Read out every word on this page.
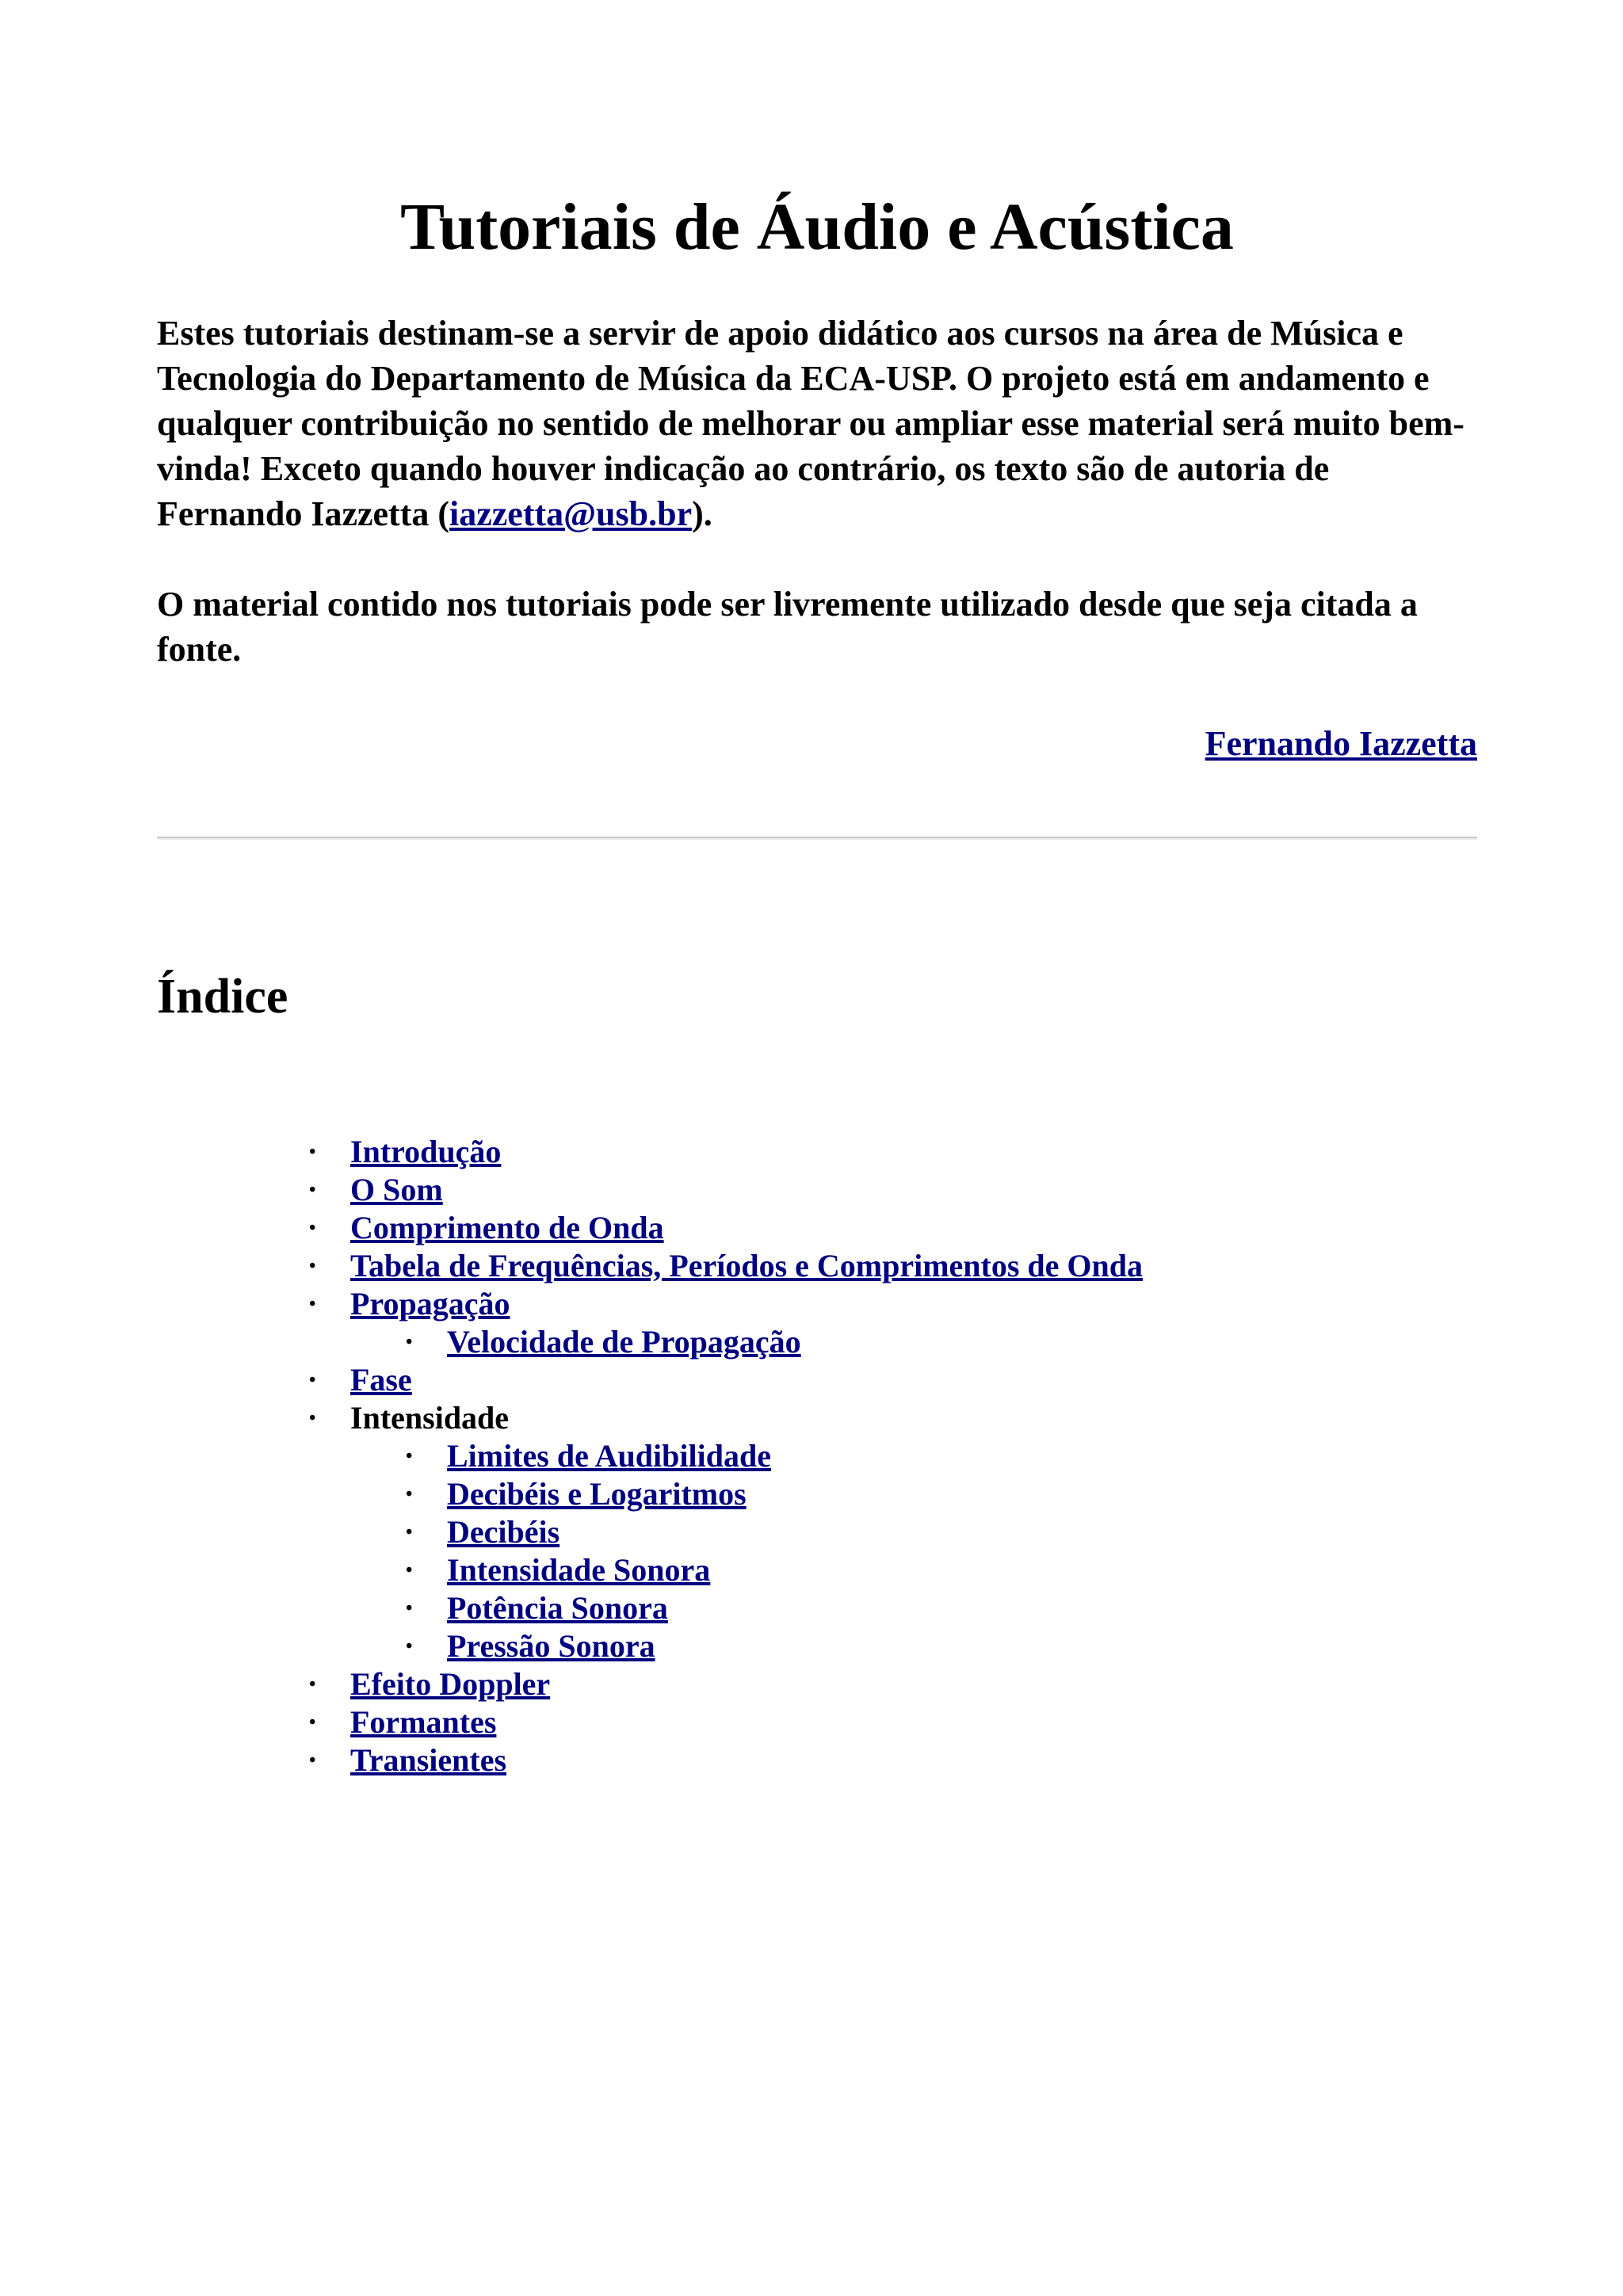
Tutoriais de Áudio e Acústica

Estes tutoriais destinam-se a servir de apoio didático aos cursos na área de Música e Tecnologia do Departamento de Música da ECA-USP. O projeto está em andamento e qualquer contribuição no sentido de melhorar ou ampliar esse material será muito bem-vinda! Exceto quando houver indicação ao contrário, os texto são de autoria de Fernando Iazzetta (iazzetta@usb.br).

O material contido nos tutoriais pode ser livremente utilizado desde que seja citada a fonte.

Fernando Iazzetta
Índice
• Introdução
• O Som
• Comprimento de Onda
• Tabela de Frequências, Períodos e Comprimentos de Onda
• Propagação
• Velocidade de Propagação
• Fase
• Intensidade
• Limites de Audibilidade
• Decibéis e Logaritmos
• Decibéis
• Intensidade Sonora
• Potência Sonora
• Pressão Sonora
• Efeito Doppler
• Formantes
• Transientes
